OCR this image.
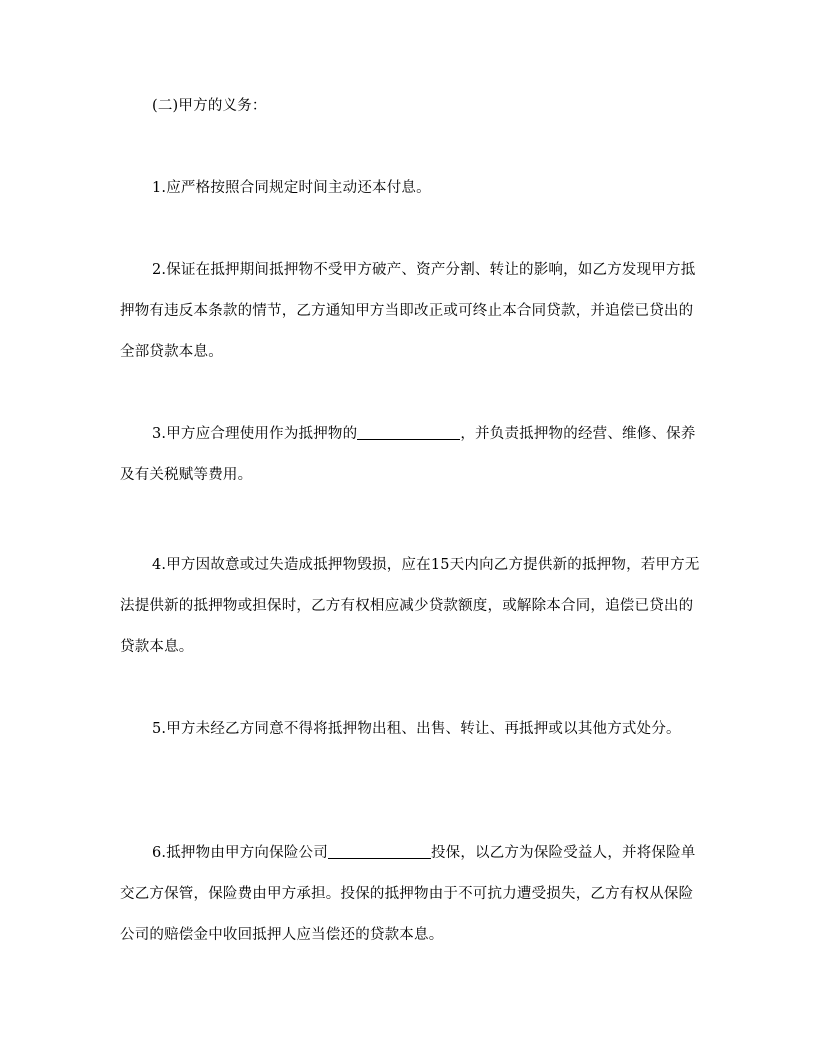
(二)甲方的义务：

1.应严格按照合同规定时间主动还本付息。

2.保证在抵押期间抵押物不受甲方破产、资产分割、转让的影响，如乙方发现甲方抵押物有违反本条款的情节，乙方通知甲方当即改正或可终止本合同贷款，并追偿已贷出的全部贷款本息。

3.甲方应合理使用作为抵押物的	，并负责抵押物的经营、维修、保养及有关税赋等费用。

4.甲方因故意或过失造成抵押物毁损，应在15天内向乙方提供新的抵押物，若甲方无法提供新的抵押物或担保时，乙方有权相应减少贷款额度，或解除本合同，追偿已贷出的贷款本息。

5.甲方未经乙方同意不得将抵押物出租、出售、转让、再抵押或以其他方式处分。

6.抵押物由甲方向保险公司	投保，以乙方为保险受益人，并将保险单交乙方保管，保险费由甲方承担。投保的抵押物由于不可抗力遭受损失，乙方有权从保险公司的赔偿金中收回抵押人应当偿还的贷款本息。
